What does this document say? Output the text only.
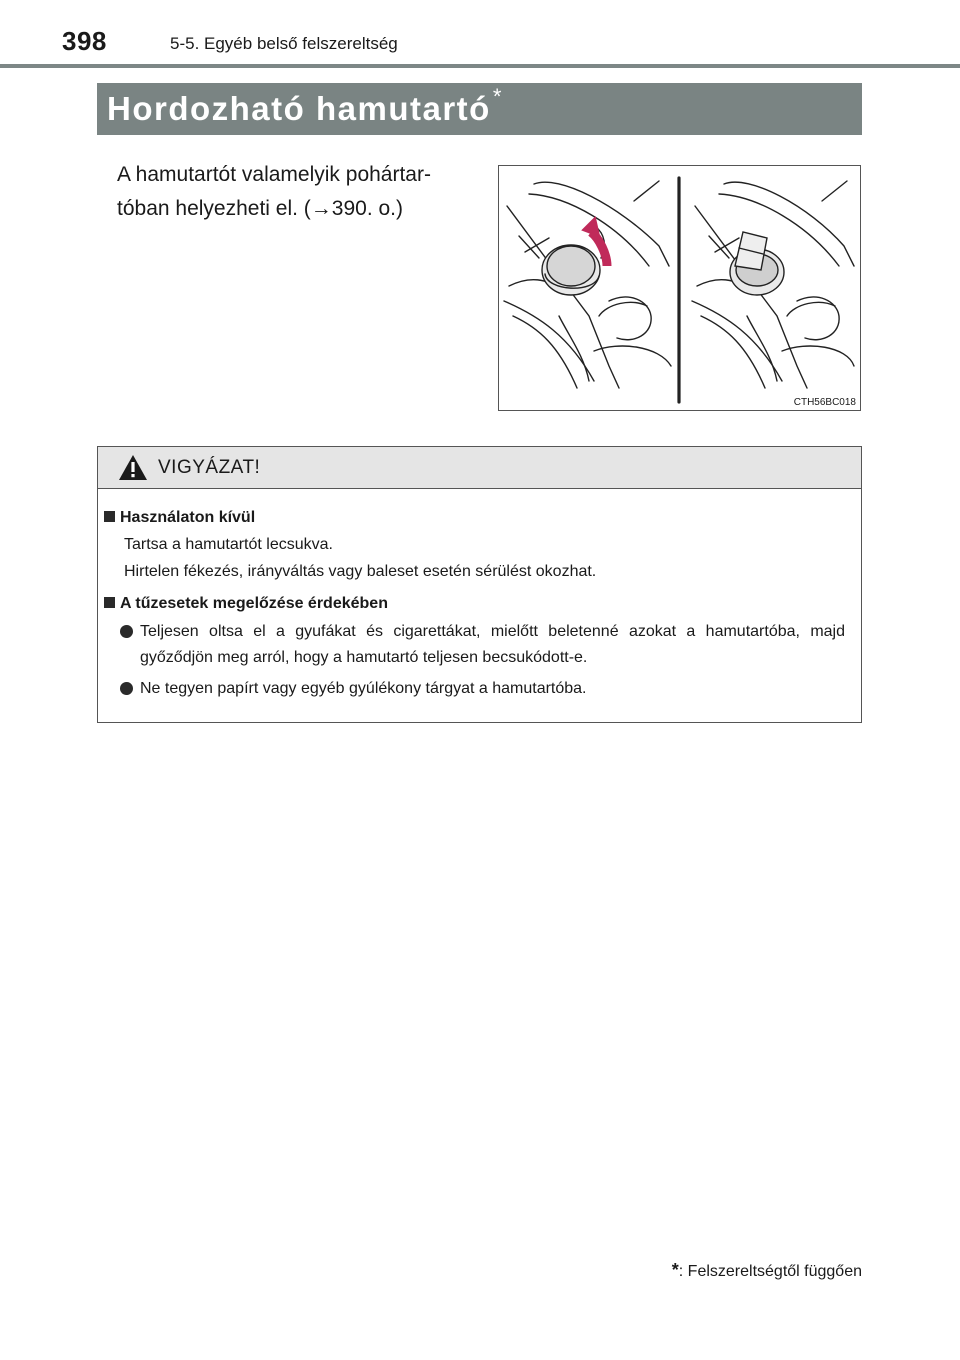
398	5-5. Egyéb belső felszereltség
Hordozható hamutartó*
A hamutartót valamelyik pohártar-
tóban helyezheti el. (→390. o.)
CTH56BC018
VIGYÁZAT!
Használaton kívül
Tartsa a hamutartót lecsukva.
Hirtelen fékezés, irányváltás vagy baleset esetén sérülést okozhat.
A tűzesetek megelőzése érdekében
Teljesen oltsa el a gyufákat és cigarettákat, mielőtt beletenné azokat a hamutartóba, majd győződjön meg arról, hogy a hamutartó teljesen becsukódott-e.
Ne tegyen papírt vagy egyéb gyúlékony tárgyat a hamutartóba.
*: Felszereltségtől függően
